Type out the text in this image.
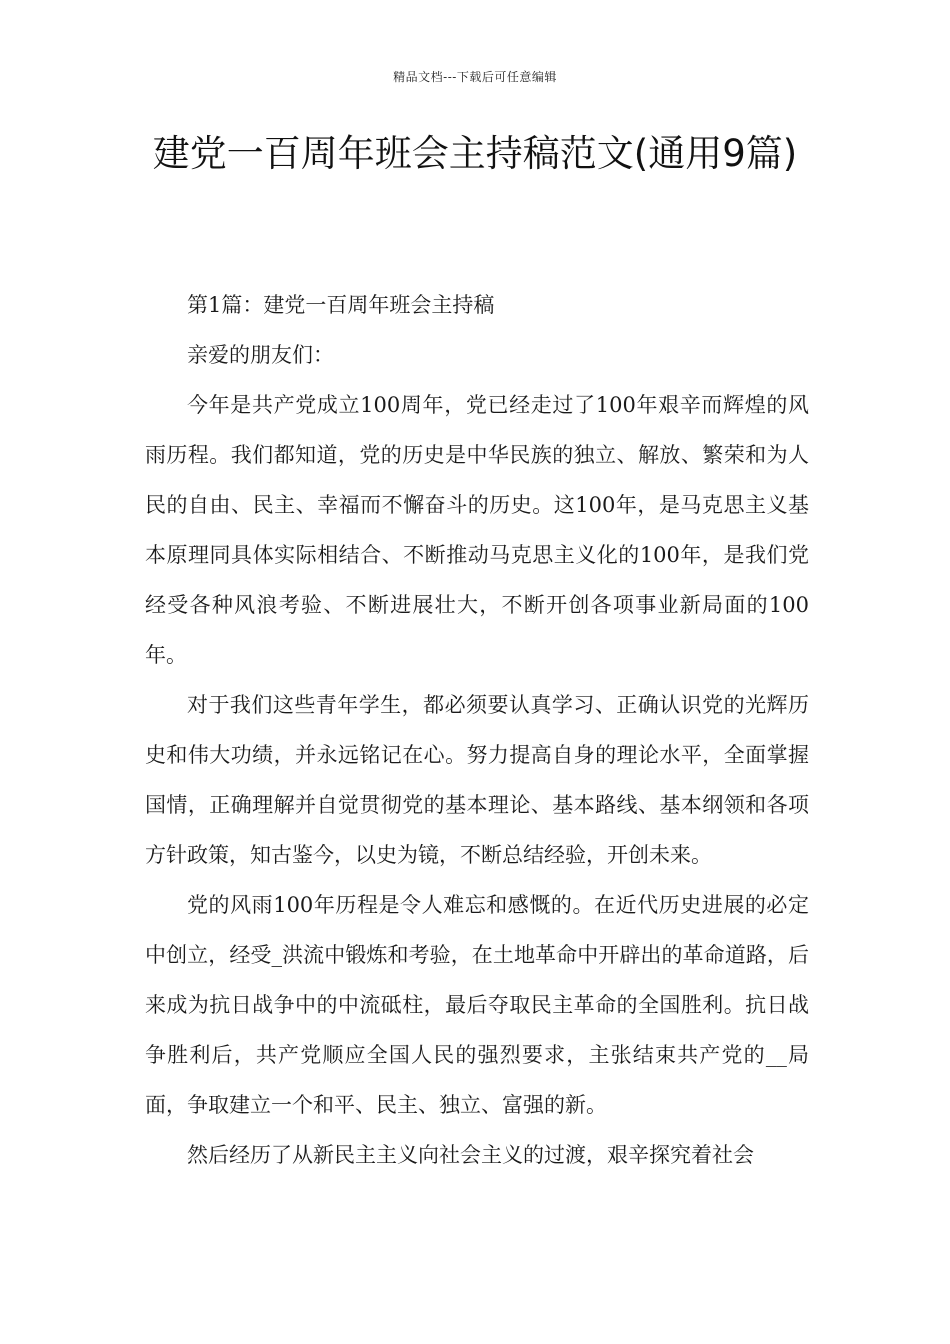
精品文档---下载后可任意编辑
建党一百周年班会主持稿范文(通用9篇)

第1篇：建党一百周年班会主持稿

亲爱的朋友们：

今年是共产党成立100周年，党已经走过了100年艰辛而辉煌的风雨历程。我们都知道，党的历史是中华民族的独立、解放、繁荣和为人民的自由、民主、幸福而不懈奋斗的历史。这100年，是马克思主义基本原理同具体实际相结合、不断推动马克思主义化的100年，是我们党经受各种风浪考验、不断进展壮大，不断开创各项事业新局面的100年。

对于我们这些青年学生，都必须要认真学习、正确认识党的光辉历史和伟大功绩，并永远铭记在心。努力提高自身的理论水平，全面掌握国情，正确理解并自觉贯彻党的基本理论、基本路线、基本纲领和各项方针政策，知古鉴今，以史为镜，不断总结经验，开创未来。

党的风雨100年历程是令人难忘和感慨的。在近代历史进展的必定中创立，经受_洪流中锻炼和考验，在土地革命中开辟出的革命道路，后来成为抗日战争中的中流砥柱，最后夺取民主革命的全国胜利。抗日战争胜利后，共产党顺应全国人民的强烈要求，主张结束共产党的__局面，争取建立一个和平、民主、独立、富强的新。

然后经历了从新民主主义向社会主义的过渡，艰辛探究着社会
